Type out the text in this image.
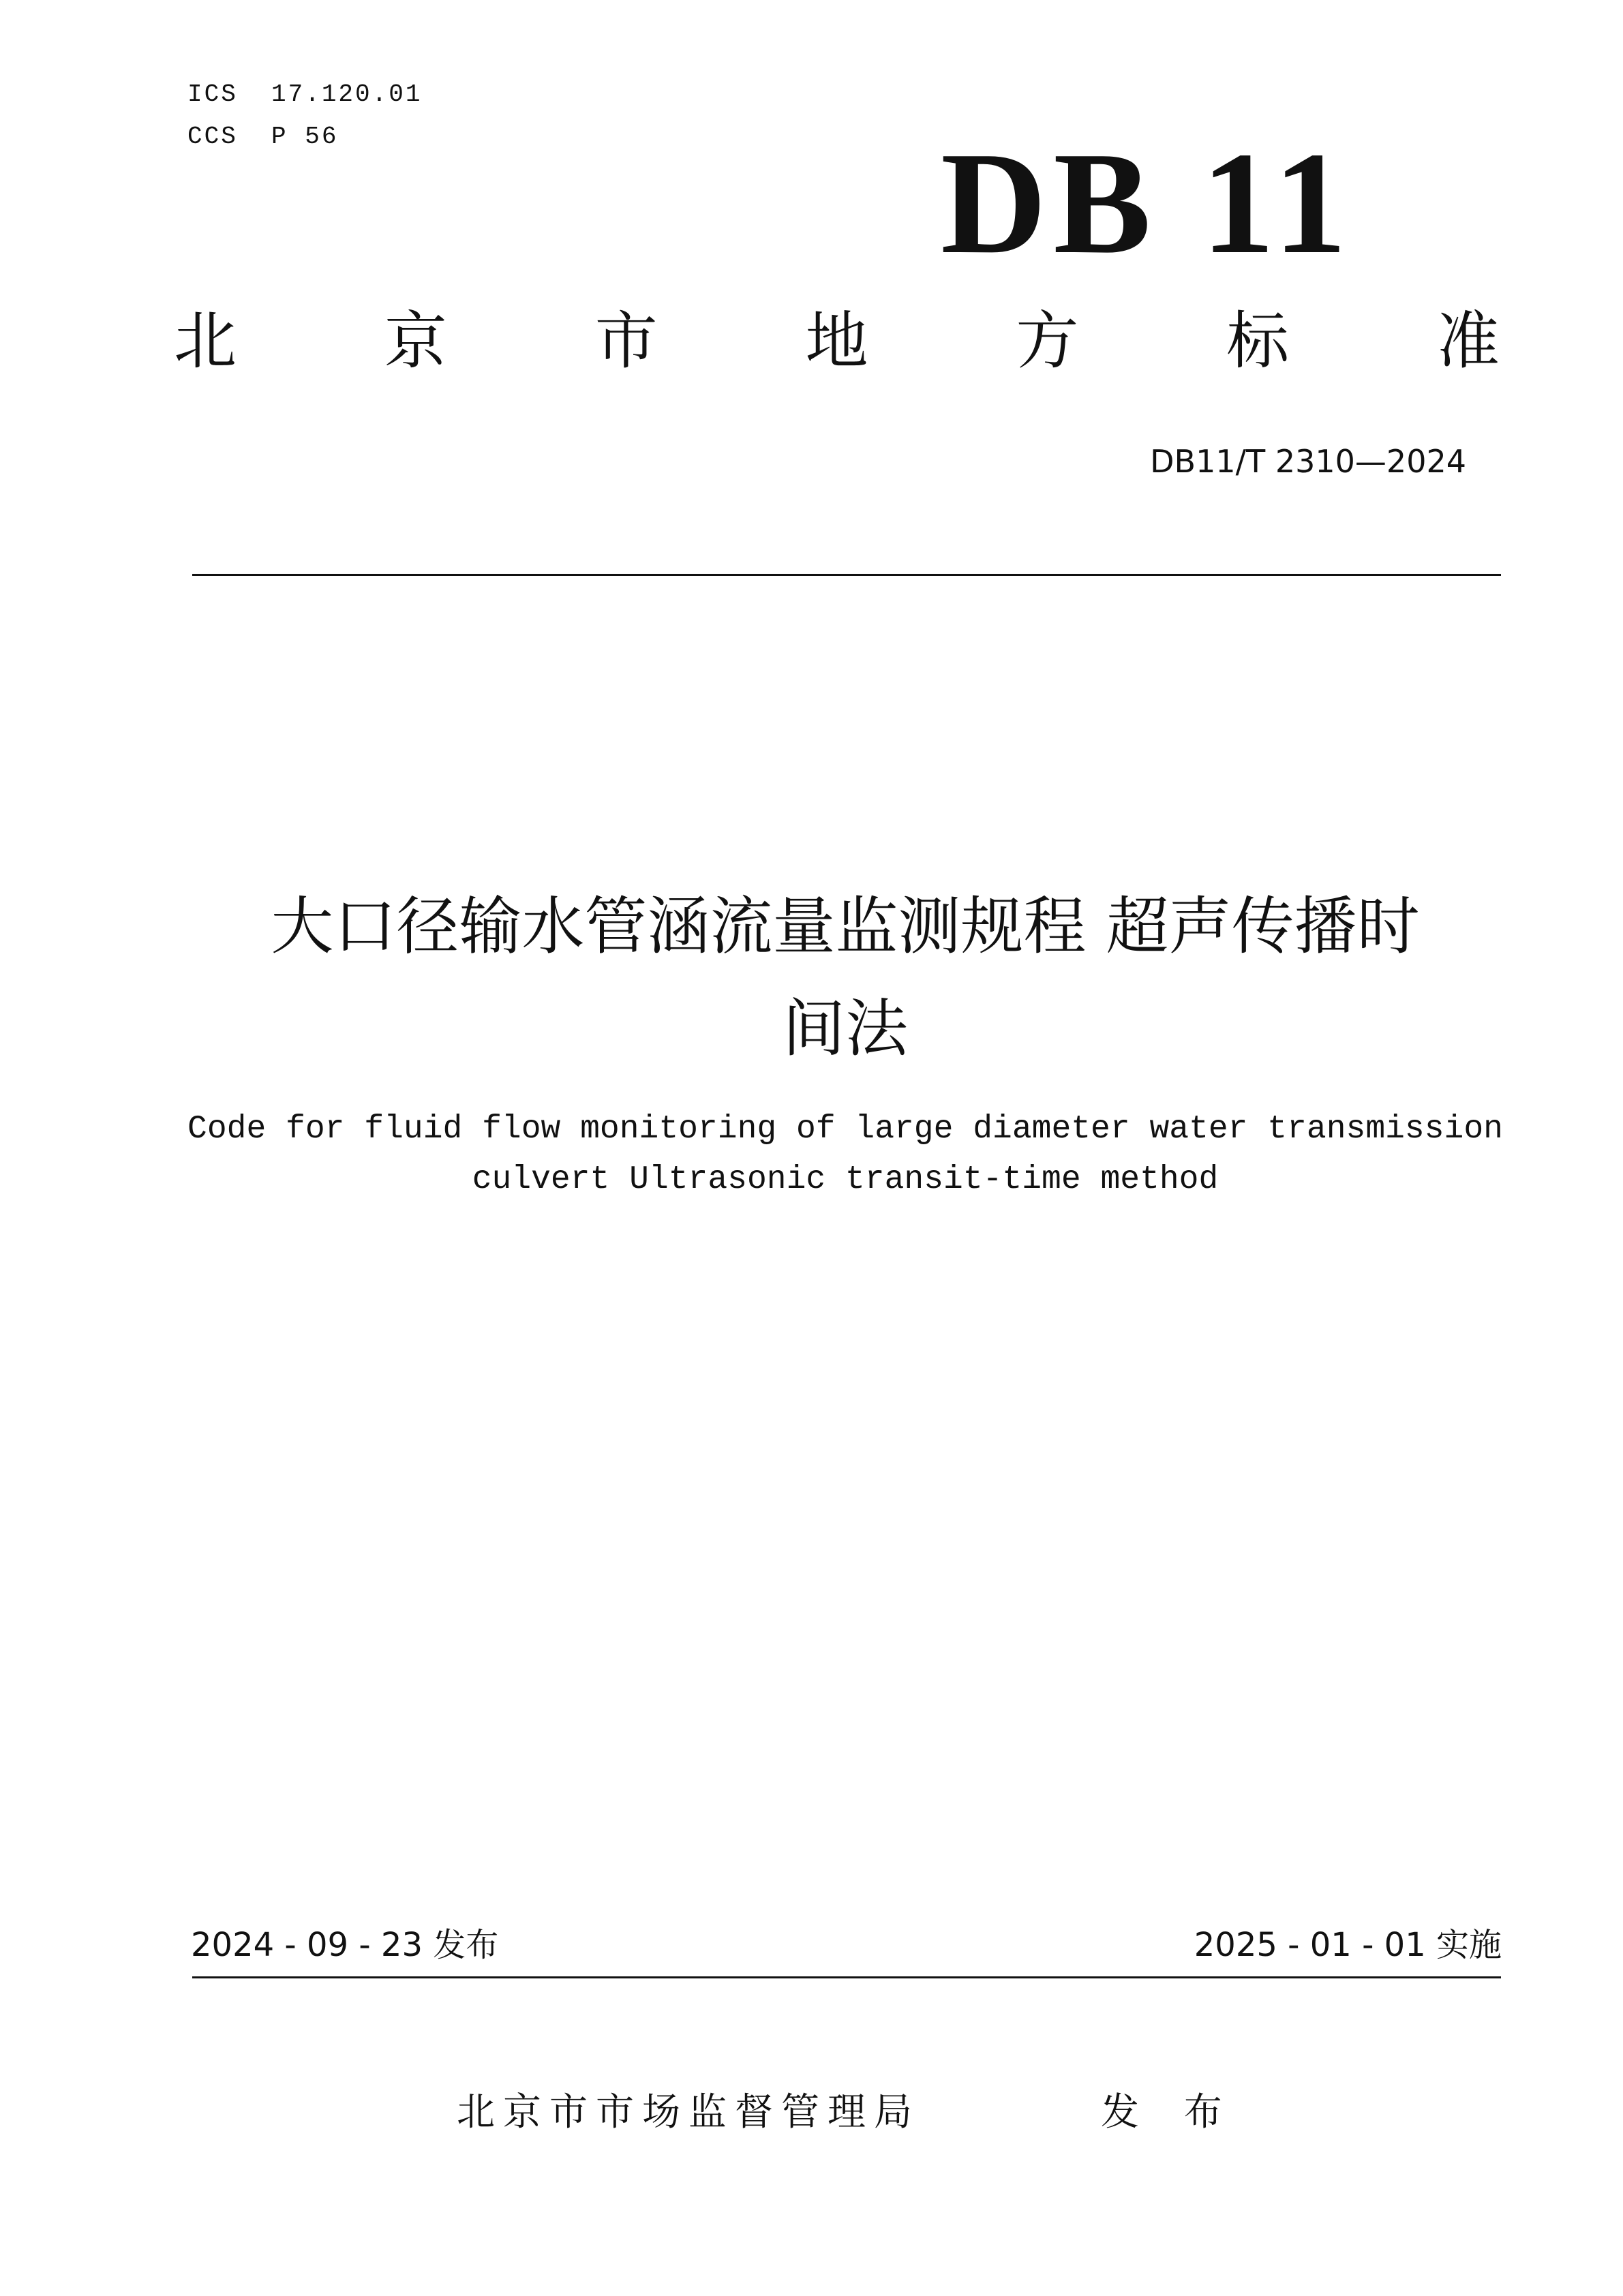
ICS  17.120.01
CCS  P 56	DB 11
北 京 市 地 方 标 准
DB11/T 2310—2024
大口径输水管涵流量监测规程 超声传播时
间法
Code for fluid flow monitoring of large diameter water transmission
culvert Ultrasonic transit-time method
2024 - 09 - 23 发布	2025 - 01 - 01 实施
北京市市场监督管理局	发 布
